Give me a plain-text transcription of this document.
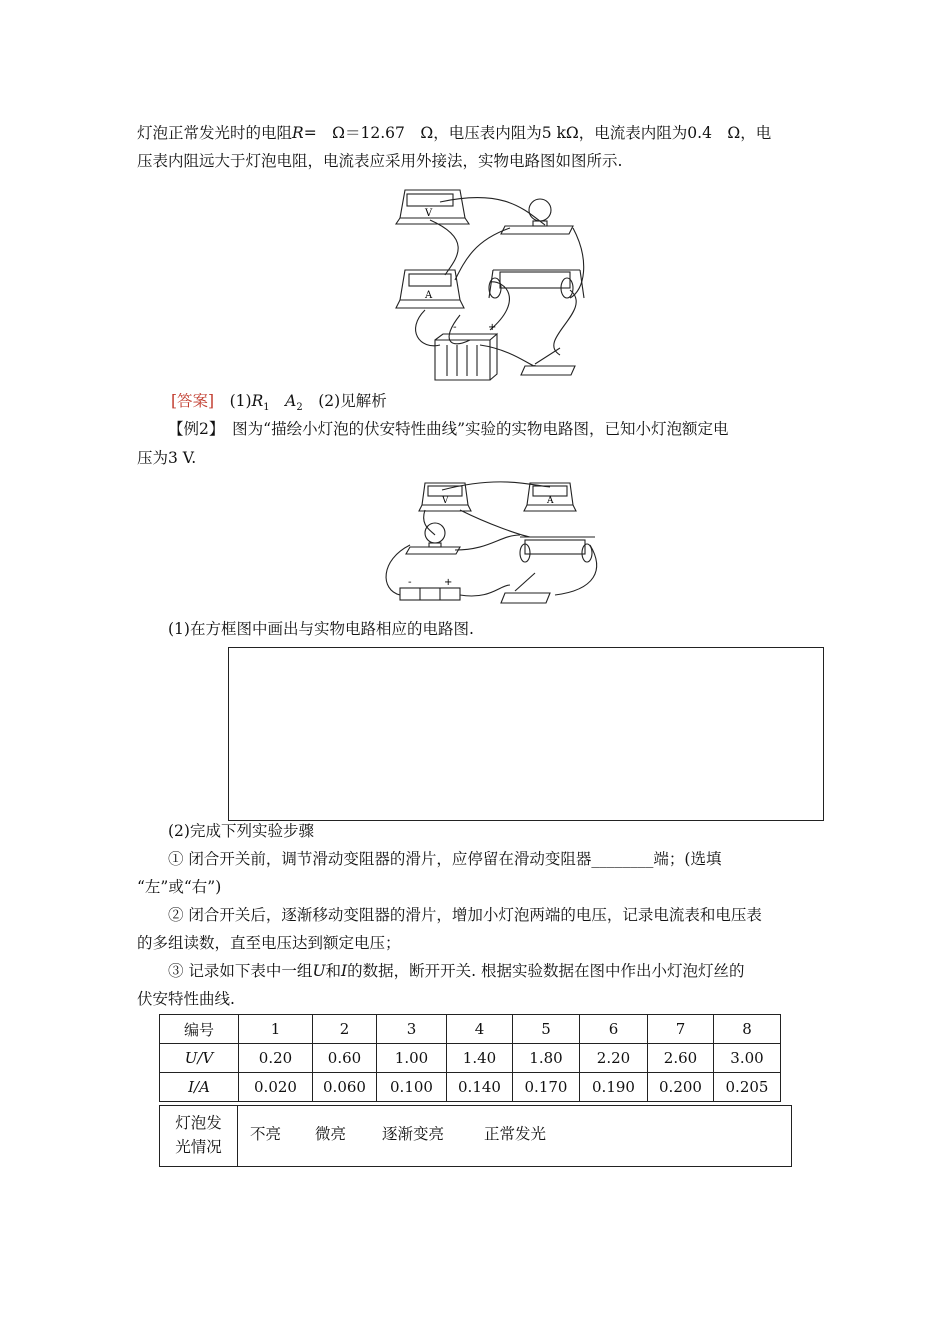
灯泡正常发光时的电阻R=　Ω＝12.67　Ω，电压表内阻为5 kΩ，电流表内阻为0.4　Ω，电
压表内阻远大于灯泡电阻，电流表应采用外接法，实物电路图如图所示.
V
A
+
-
[答案]　 $(1)R_1$　 $A_2$　 (2)见解析
【例2】　 图为“描绘小灯泡的伏安特性曲线”实验的实物电路图，已知小灯泡额定电
压为3 V.
V	A
-	+
(1)在方框图中画出与实物电路相应的电路图.
(2)完成下列实验步骤
① 闭合开关前，调节滑动变阻器的滑片，应停留在滑动变阻器________端；(选填
“左”或“右”)
② 闭合开关后，逐渐移动变阻器的滑片，增加小灯泡两端的电压，记录电流表和电压表
的多组读数，直至电压达到额定电压；
③ 记录如下表中一组U和I的数据，断开开关. 根据实验数据在图中作出小灯泡灯丝的
伏安特性曲线.
编号	1	2	3	4	5	6	7	8
U/V	0.20	0.60	1.00	1.40	1.80	2.20	2.60	3.00
I/A	0.020	0.060	0.100	0.140	0.170	0.190	0.200	0.205
灯泡发
光情况
不亮 微亮 逐渐变亮	正常发光
